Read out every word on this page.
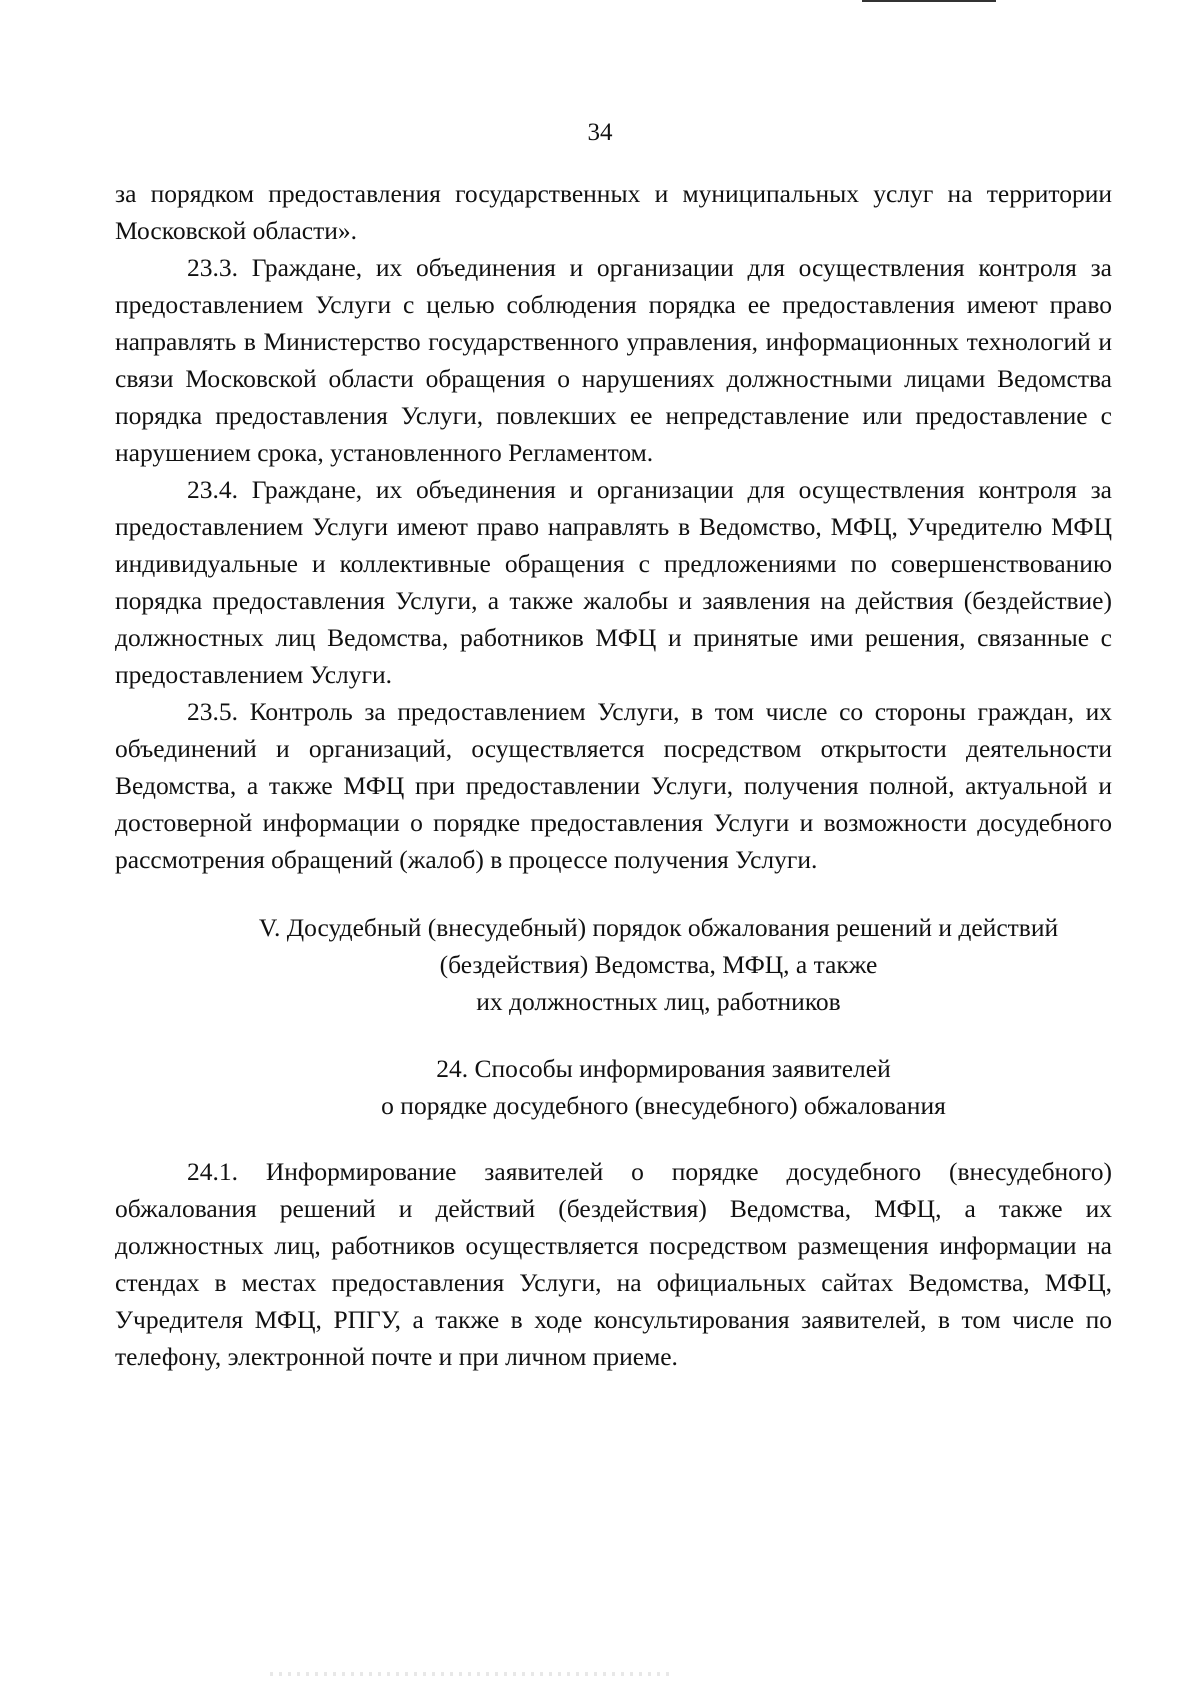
34

за порядком предоставления государственных и муниципальных услуг на территории Московской области».

23.3. Граждане, их объединения и организации для осуществления контроля за предоставлением Услуги с целью соблюдения порядка ее предоставления имеют право направлять в Министерство государственного управления, информационных технологий и связи Московской области обращения о нарушениях должностными лицами Ведомства порядка предоставления Услуги, повлекших ее непредставление или предоставление с нарушением срока, установленного Регламентом.

23.4. Граждане, их объединения и организации для осуществления контроля за предоставлением Услуги имеют право направлять в Ведомство, МФЦ, Учредителю МФЦ индивидуальные и коллективные обращения с предложениями по совершенствованию порядка предоставления Услуги, а также жалобы и заявления на действия (бездействие) должностных лиц Ведомства, работников МФЦ и принятые ими решения, связанные с предоставлением Услуги.

23.5. Контроль за предоставлением Услуги, в том числе со стороны граждан, их объединений и организаций, осуществляется посредством открытости деятельности Ведомства, а также МФЦ при предоставлении Услуги, получения полной, актуальной и достоверной информации о порядке предоставления Услуги и возможности досудебного рассмотрения обращений (жалоб) в процессе получения Услуги.

V. Досудебный (внесудебный) порядок обжалования решений и действий

(бездействия) Ведомства, МФЦ, а также

их должностных лиц, работников

24. Способы информирования заявителей

о порядке досудебного (внесудебного) обжалования

24.1. Информирование заявителей о порядке досудебного (внесудебного) обжалования решений и действий (бездействия) Ведомства, МФЦ, а также их должностных лиц, работников осуществляется посредством размещения информации на стендах в местах предоставления Услуги, на официальных сайтах Ведомства, МФЦ, Учредителя МФЦ, РПГУ, а также в ходе консультирования заявителей, в том числе по телефону, электронной почте и при личном приеме.
